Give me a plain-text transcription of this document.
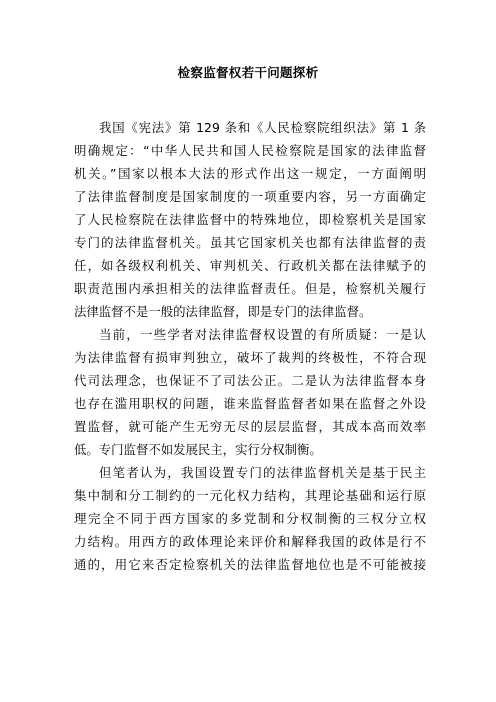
检察监督权若干问题探析

我国《宪法》第 129 条和《人民检察院组织法》第 1 条
明确规定：“中华人民共和国人民检察院是国家的法律监督
机关。”国家以根本大法的形式作出这一规定，一方面阐明
了法律监督制度是国家制度的一项重要内容，另一方面确定
了人民检察院在法律监督中的特殊地位，即检察机关是国家
专门的法律监督机关。虽其它国家机关也都有法律监督的责
任，如各级权利机关、审判机关、行政机关都在法律赋予的
职责范围内承担相关的法律监督责任。但是，检察机关履行
法律监督不是一般的法律监督，即是专门的法律监督。

当前，一些学者对法律监督权设置的有所质疑：一是认
为法律监督有损审判独立，破坏了裁判的终极性，不符合现
代司法理念，也保证不了司法公正。二是认为法律监督本身
也存在滥用职权的问题，谁来监督监督者如果在监督之外设
置监督，就可能产生无穷无尽的层层监督，其成本高而效率
低。专门监督不如发展民主，实行分权制衡。

但笔者认为，我国设置专门的法律监督机关是基于民主
集中制和分工制约的一元化权力结构，其理论基础和运行原
理完全不同于西方国家的多党制和分权制衡的三权分立权
力结构。用西方的政体理论来评价和解释我国的政体是行不
通的，用它来否定检察机关的法律监督地位也是不可能被接
